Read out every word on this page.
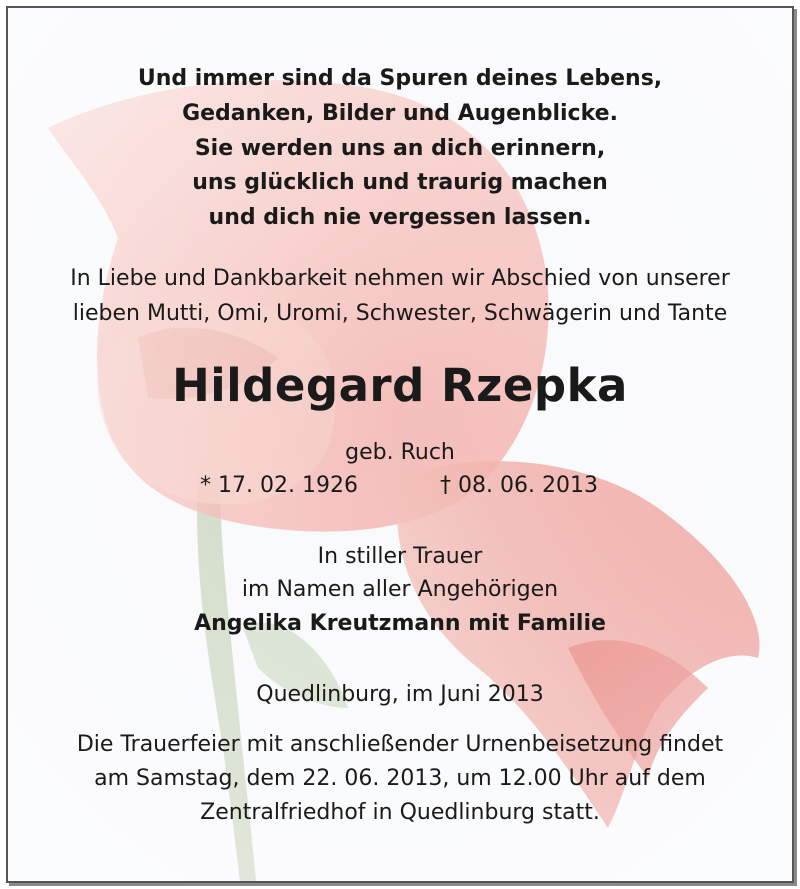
Und immer sind da Spuren deines Lebens,
Gedanken, Bilder und Augenblicke.
Sie werden uns an dich erinnern,
uns glücklich und traurig machen
und dich nie vergessen lassen.
In Liebe und Dankbarkeit nehmen wir Abschied von unserer
lieben Mutti, Omi, Uromi, Schwester, Schwägerin und Tante
Hildegard Rzepka
geb. Ruch
* 17. 02. 1926	† 08. 06. 2013
In stiller Trauer
im Namen aller Angehörigen
Angelika Kreutzmann mit Familie
Quedlinburg, im Juni 2013
Die Trauerfeier mit anschließender Urnenbeisetzung findet
am Samstag, dem 22. 06. 2013, um 12.00 Uhr auf dem
Zentralfriedhof in Quedlinburg statt.
